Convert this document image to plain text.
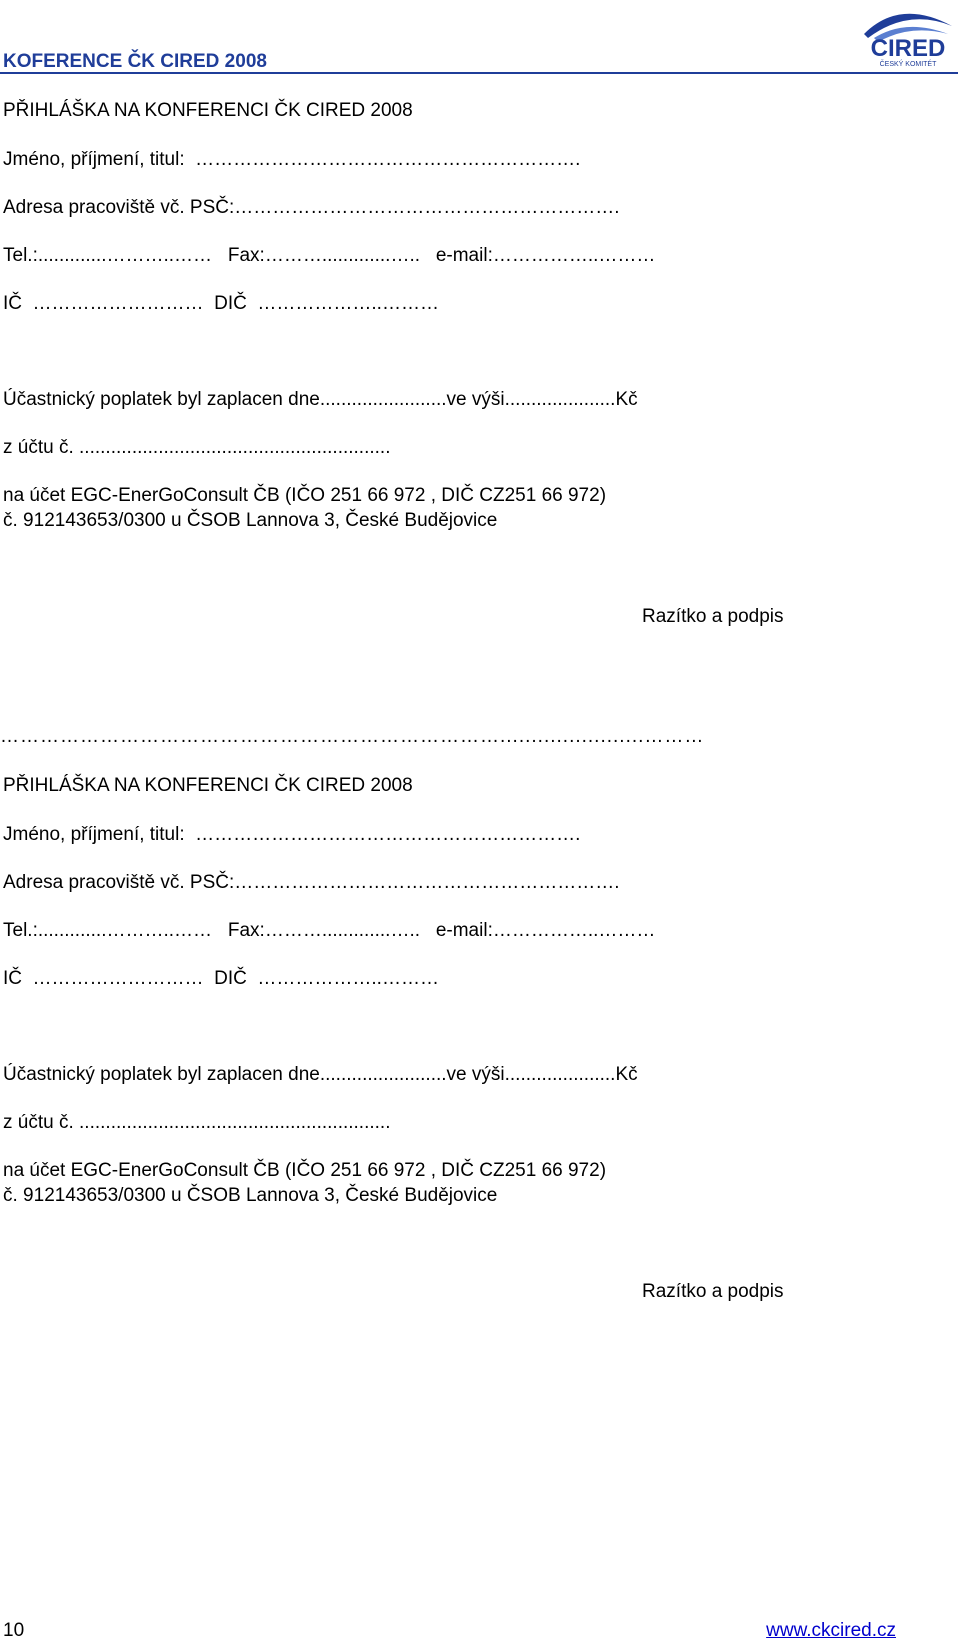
KOFERENCE ČK CIRED 2008	CIRED
ČESKÝ KOMITÉT
PŘIHLÁŠKA NA KONFERENCI ČK CIRED 2008
Jméno, příjmení, titul:  …………………………………………………….
Adresa pracoviště vč. PSČ:…………………………………………………….
Tel.:.............………..……   Fax:……….............…..   e-mail:……………..………
IČ  ………………………  DIČ  ………………..………
Účastnický poplatek byl zaplacen dne........................ve výši.....................Kč
z účtu č. ...........................................................
na účet EGC-EnerGoConsult ČB (IČO 251 66 972 , DIČ CZ251 66 972)
č. 912143653/0300 u ČSOB Lannova 3, České Budějovice
Razítko a podpis
………………………………………………………………….......................………
PŘIHLÁŠKA NA KONFERENCI ČK CIRED 2008
Jméno, příjmení, titul:  …………………………………………………….
Adresa pracoviště vč. PSČ:…………………………………………………….
Tel.:.............………..……   Fax:……….............…..   e-mail:……………..………
IČ  ………………………  DIČ  ………………..………
Účastnický poplatek byl zaplacen dne........................ve výši.....................Kč
z účtu č. ...........................................................
na účet EGC-EnerGoConsult ČB (IČO 251 66 972 , DIČ CZ251 66 972)
č. 912143653/0300 u ČSOB Lannova 3, České Budějovice
Razítko a podpis
10	www.ckcired.cz
